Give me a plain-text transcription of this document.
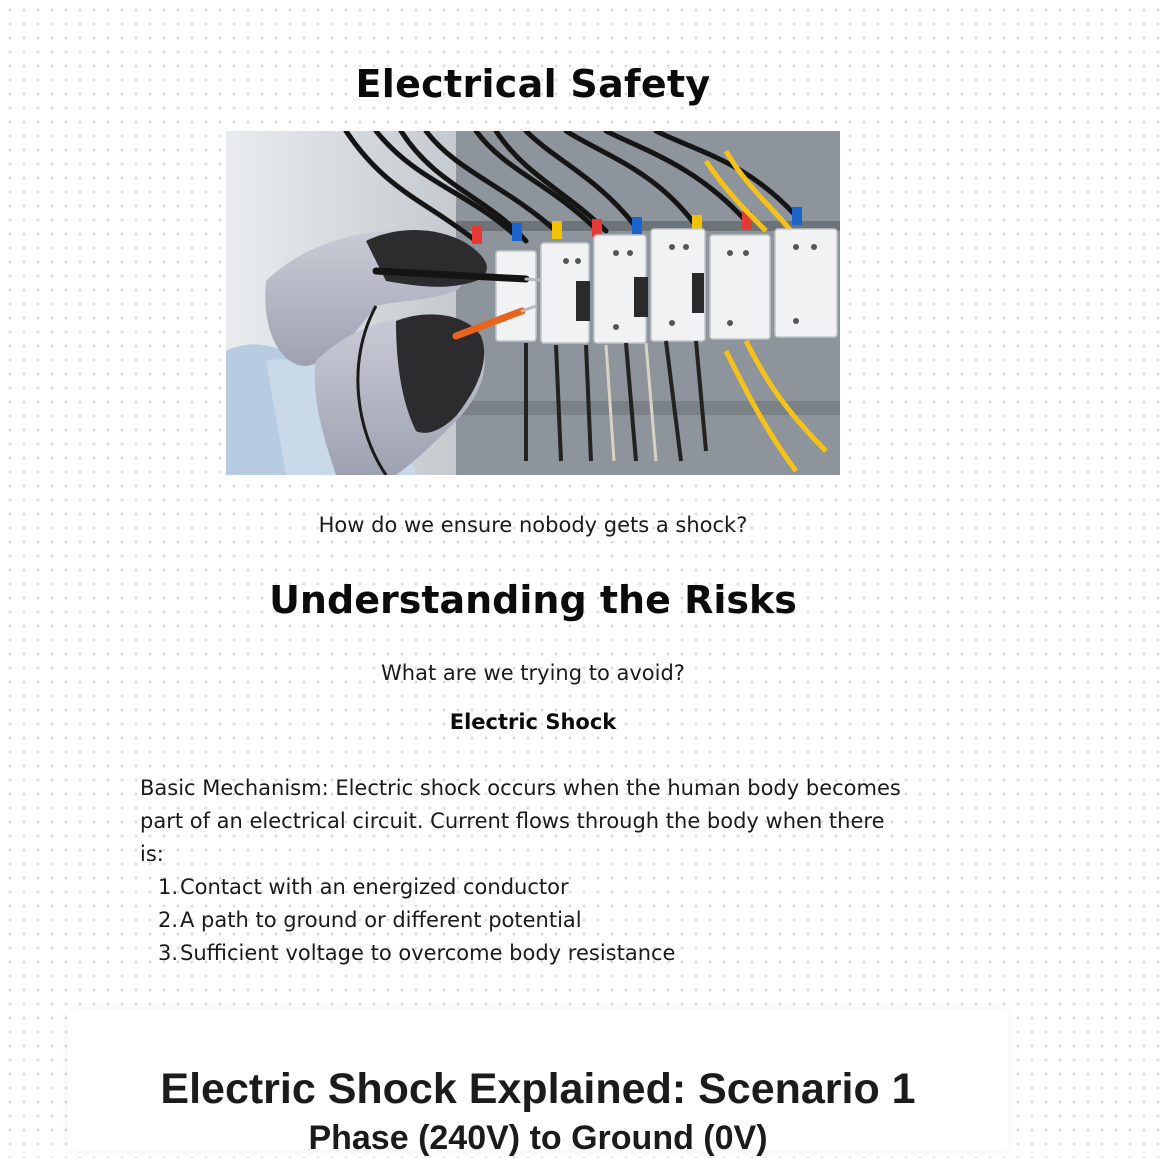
Electrical Safety

How do we ensure nobody gets a shock?

Understanding the Risks

What are we trying to avoid?

Electric Shock

Basic Mechanism: Electric shock occurs when the human body becomes part of an electrical circuit. Current flows through the body when there is:

1. Contact with an energized conductor
2. A path to ground or different potential
3. Sufficient voltage to overcome body resistance
Electric Shock Explained: Scenario 1

Phase (240V) to Ground (0V)
